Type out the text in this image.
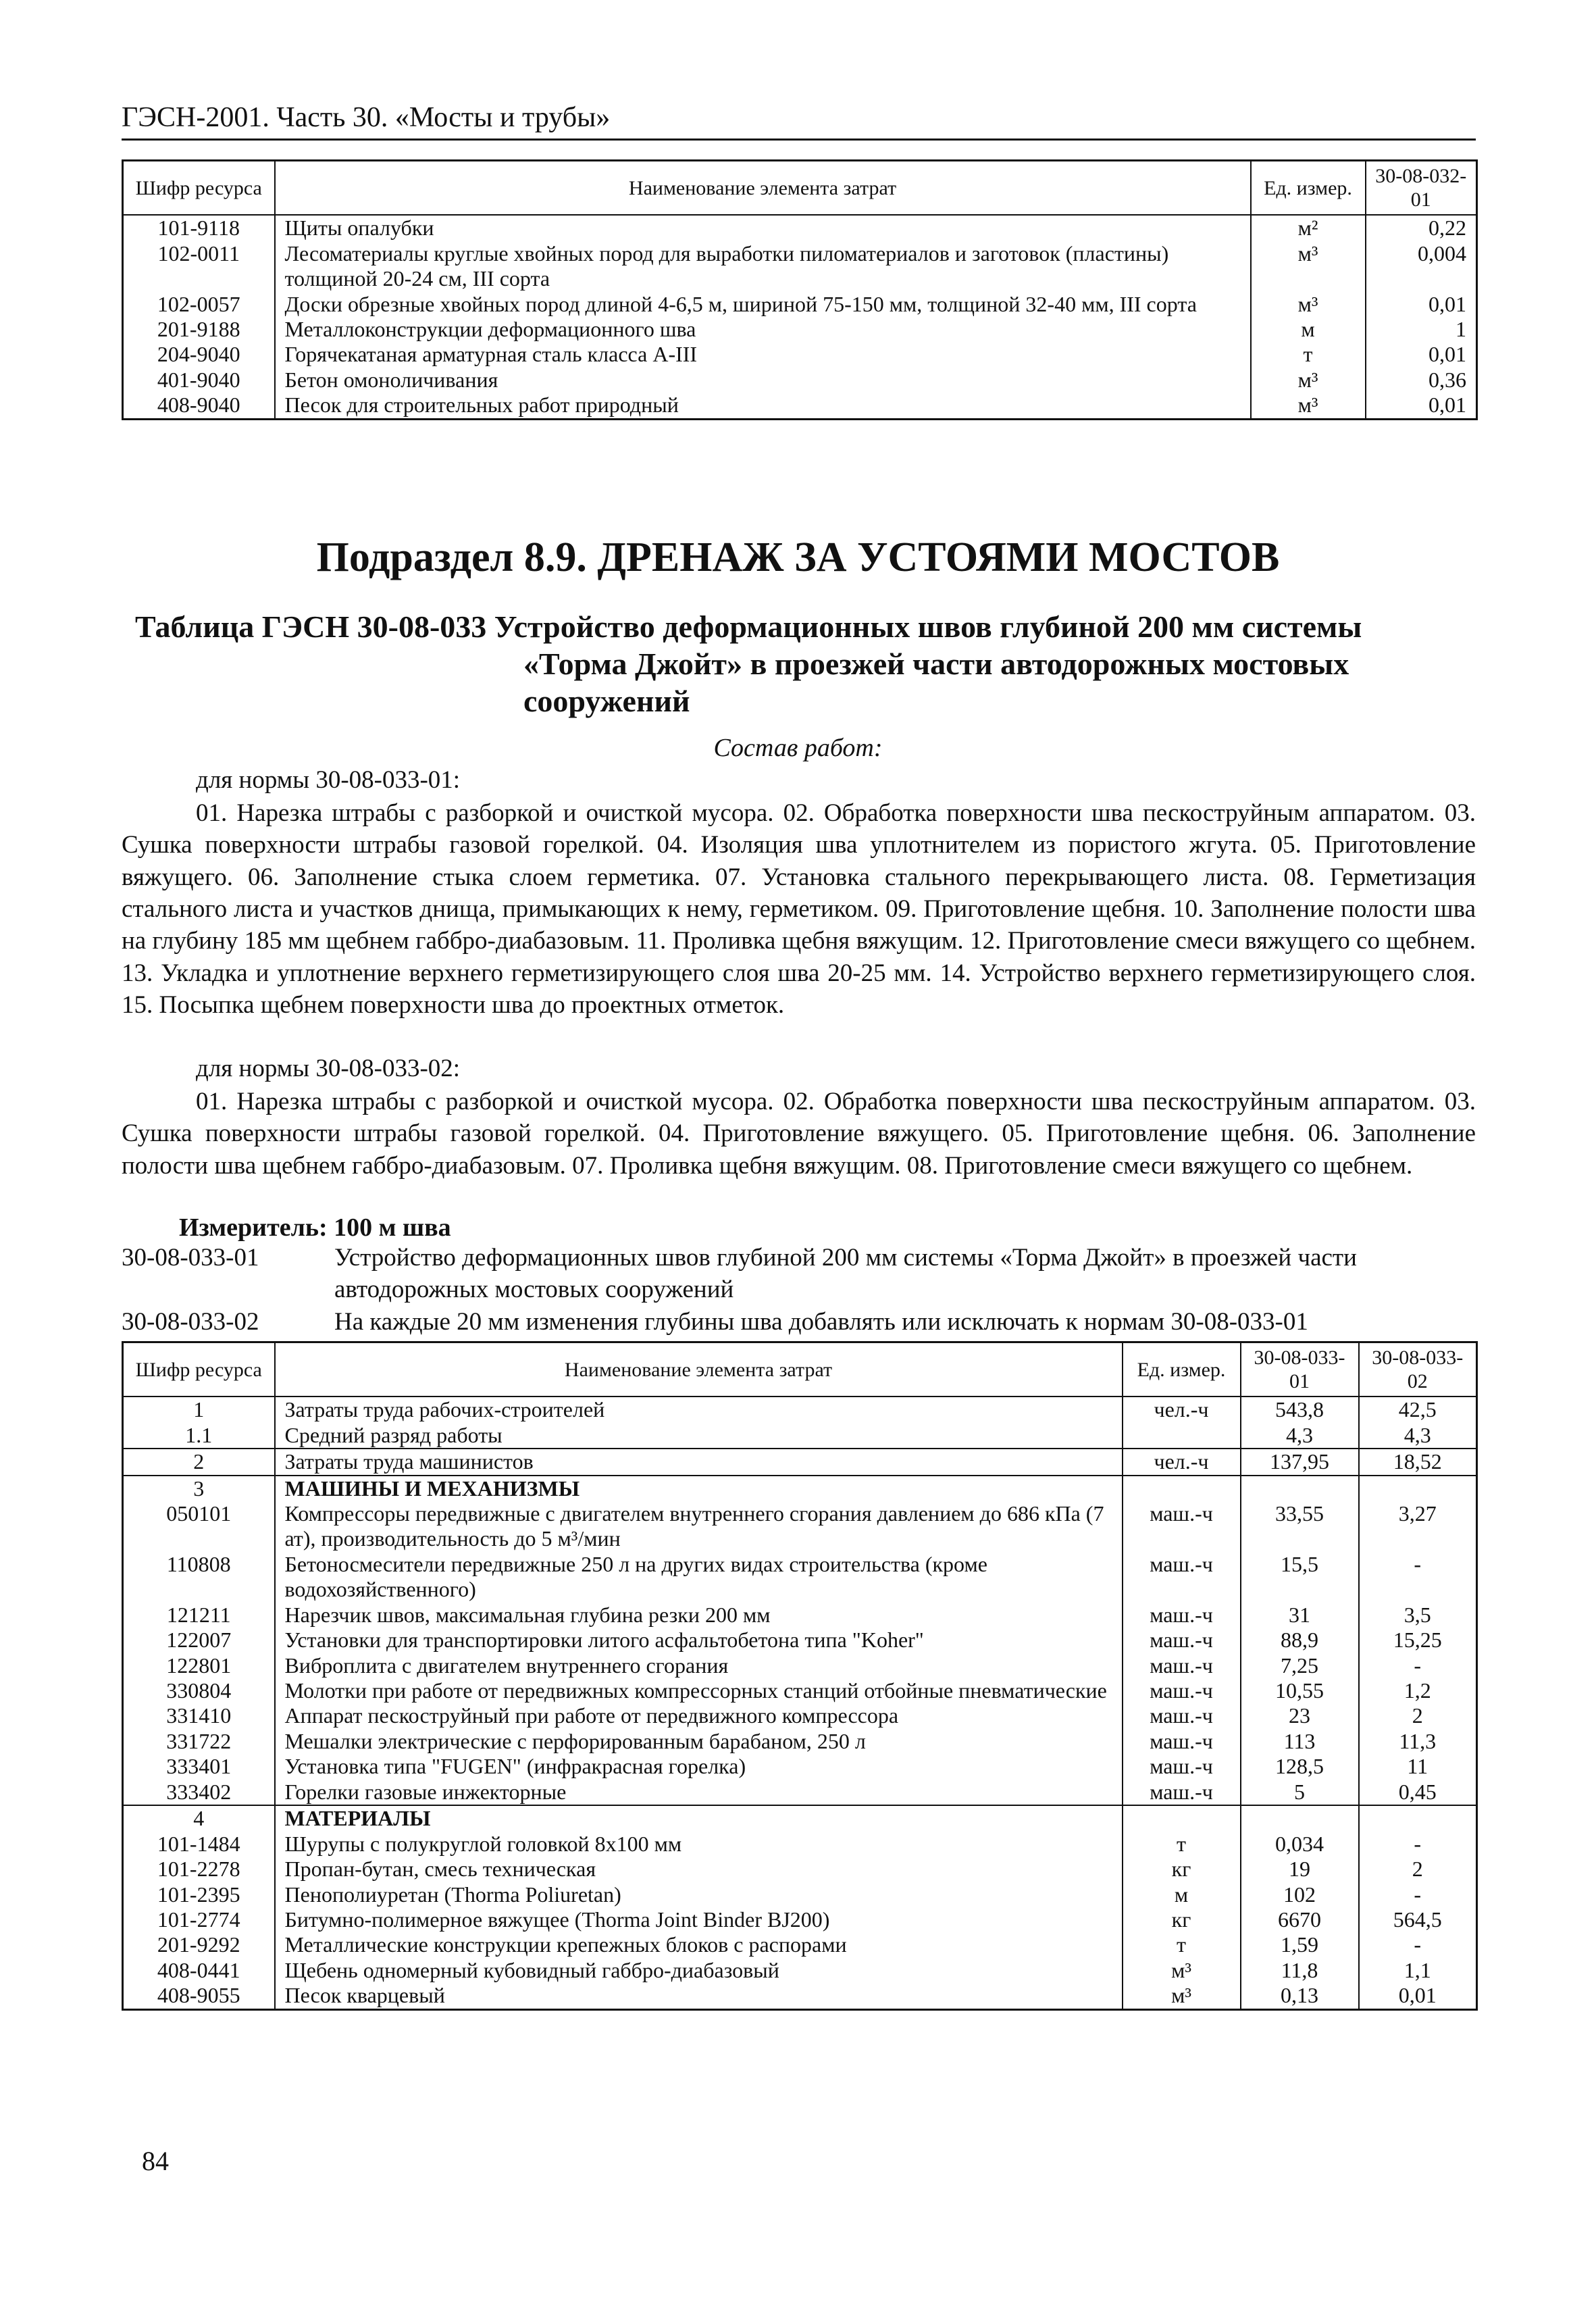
ГЭСН-2001. Часть 30. «Мосты и трубы»
Шифр ресурса	Наименование элемента затрат	Ед. измер.	30-08-032-01
101-9118	Щиты опалубки	м²	0,22
102-0011	Лесоматериалы круглые хвойных пород для выработки пиломатериалов и заготовок (пластины) толщиной 20-24 см, III сорта	м³	0,004
102-0057	Доски обрезные хвойных пород длиной 4-6,5 м, шириной 75-150 мм, толщиной 32-40 мм, III сорта	м³	0,01
201-9188	Металлоконструкции деформационного шва	м	1
204-9040	Горячекатаная арматурная сталь класса А-III	т	0,01
401-9040	Бетон омоноличивания	м³	0,36
408-9040	Песок для строительных работ природный	м³	0,01
Подраздел 8.9. ДРЕНАЖ ЗА УСТОЯМИ МОСТОВ
Таблица ГЭСН 30-08-033 Устройство деформационных швов глубиной 200 мм системы
«Торма Джойт» в проезжей части автодорожных мостовых сооружений
Состав работ:
для нормы 30-08-033-01:
01. Нарезка штрабы с разборкой и очисткой мусора. 02. Обработка поверхности шва пескоструйным аппаратом. 03. Сушка поверхности штрабы газовой горелкой. 04. Изоляция шва уплотнителем из пористого жгута. 05. Приготовление вяжущего. 06. Заполнение стыка слоем герметика. 07. Установка стального перекрывающего листа. 08. Герметизация стального листа и участков днища, примыкающих к нему, герметиком. 09. Приготовление щебня. 10. Заполнение полости шва на глубину 185 мм щебнем габбро-диабазовым. 11. Проливка щебня вяжущим. 12. Приготовление смеси вяжущего со щебнем. 13. Укладка и уплотнение верхнего герметизирующего слоя шва 20-25 мм. 14. Устройство верхнего герметизирующего слоя. 15. Посыпка щебнем поверхности шва до проектных отметок.
для нормы 30-08-033-02:
01. Нарезка штрабы с разборкой и очисткой мусора. 02. Обработка поверхности шва пескоструйным аппаратом. 03. Сушка поверхности штрабы газовой горелкой. 04. Приготовление вяжущего. 05. Приготовление щебня. 06. Заполнение полости шва щебнем габбро-диабазовым. 07. Проливка щебня вяжущим. 08. Приготовление смеси вяжущего со щебнем.
Измеритель: 100 м шва
30-08-033-01	Устройство деформационных швов глубиной 200 мм системы «Торма Джойт» в проезжей части автодорожных мостовых сооружений
30-08-033-02	На каждые 20 мм изменения глубины шва добавлять или исключать к нормам 30-08-033-01
Шифр ресурса	Наименование элемента затрат	Ед. измер.	30-08-033-01	30-08-033-02
1	Затраты труда рабочих-строителей	чел.-ч	543,8	42,5
1.1	Средний разряд работы		4,3	4,3
2	Затраты труда машинистов	чел.-ч	137,95	18,52
3	МАШИНЫ И МЕХАНИЗМЫ			
050101	Компрессоры передвижные с двигателем внутреннего сгорания давлением до 686 кПа (7 ат), производительность до 5 м³/мин	маш.-ч	33,55	3,27
110808	Бетоносмесители передвижные 250 л на других видах строительства (кроме водохозяйственного)	маш.-ч	15,5	-
121211	Нарезчик швов, максимальная глубина резки 200 мм	маш.-ч	31	3,5
122007	Установки для транспортировки литого асфальтобетона типа "Koher"	маш.-ч	88,9	15,25
122801	Виброплита с двигателем внутреннего сгорания	маш.-ч	7,25	-
330804	Молотки при работе от передвижных компрессорных станций отбойные пневматические	маш.-ч	10,55	1,2
331410	Аппарат пескоструйный при работе от передвижного компрессора	маш.-ч	23	2
331722	Мешалки электрические с перфорированным барабаном, 250 л	маш.-ч	113	11,3
333401	Установка типа "FUGEN" (инфракрасная горелка)	маш.-ч	128,5	11
333402	Горелки газовые инжекторные	маш.-ч	5	0,45
4	МАТЕРИАЛЫ			
101-1484	Шурупы с полукруглой головкой 8х100 мм	т	0,034	-
101-2278	Пропан-бутан, смесь техническая	кг	19	2
101-2395	Пенополиуретан (Thorma Poliuretan)	м	102	-
101-2774	Битумно-полимерное вяжущее (Thorma Joint Binder BJ200)	кг	6670	564,5
201-9292	Металлические конструкции крепежных блоков с распорами	т	1,59	-
408-0441	Щебень одномерный кубовидный габбро-диабазовый	м³	11,8	1,1
408-9055	Песок кварцевый	м³	0,13	0,01
84
